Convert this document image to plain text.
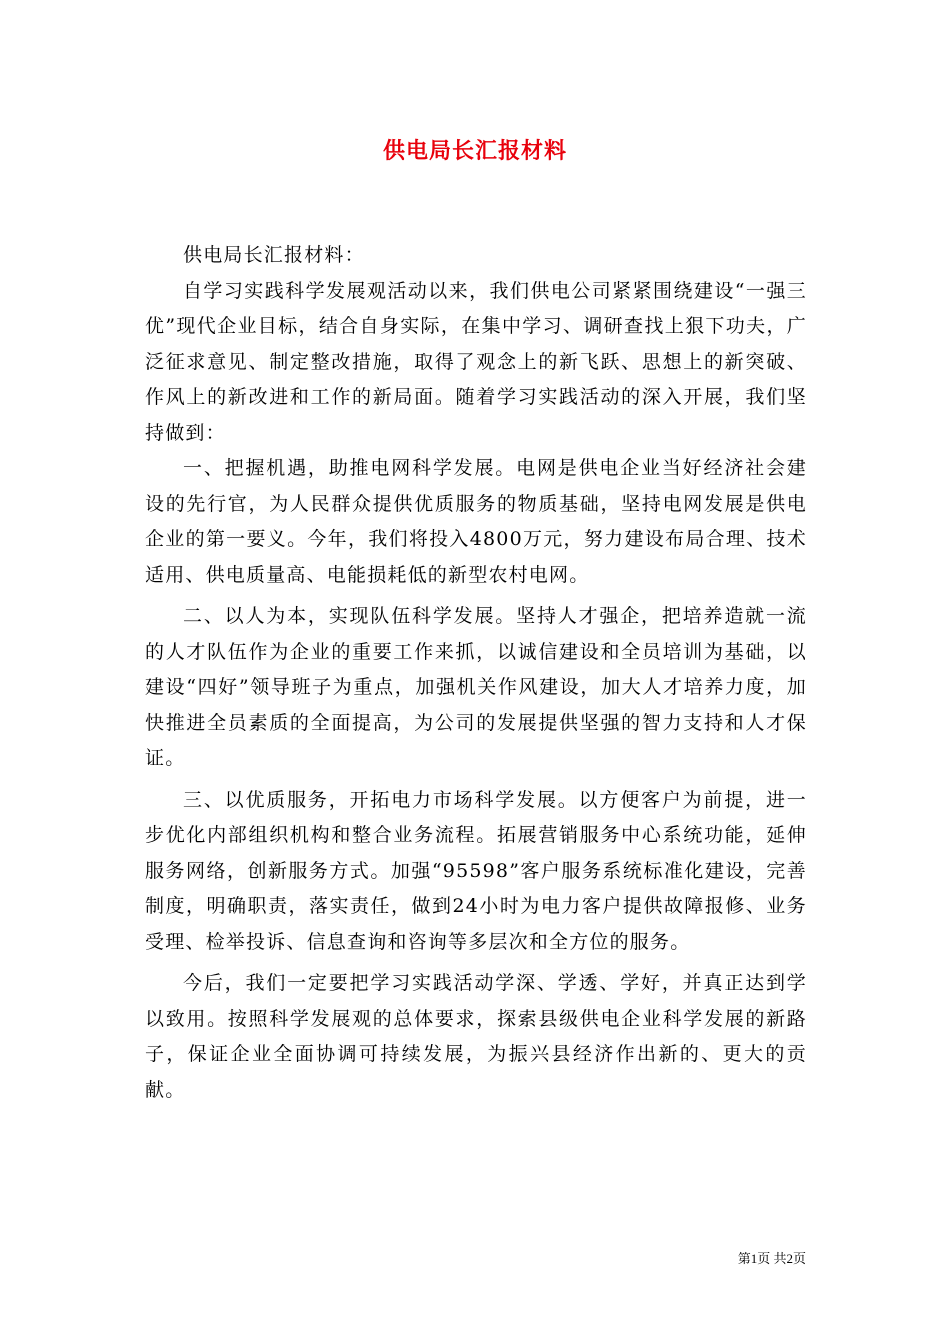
供电局长汇报材料

供电局长汇报材料：

自学习实践科学发展观活动以来，我们供电公司紧紧围绕建设“一强三优”现代企业目标，结合自身实际，在集中学习、调研查找上狠下功夫，广泛征求意见、制定整改措施，取得了观念上的新飞跃、思想上的新突破、作风上的新改进和工作的新局面。随着学习实践活动的深入开展，我们坚持做到：

一、把握机遇，助推电网科学发展。电网是供电企业当好经济社会建设的先行官，为人民群众提供优质服务的物质基础，坚持电网发展是供电企业的第一要义。今年，我们将投入4800万元，努力建设布局合理、技术适用、供电质量高、电能损耗低的新型农村电网。

二、以人为本，实现队伍科学发展。坚持人才强企，把培养造就一流的人才队伍作为企业的重要工作来抓，以诚信建设和全员培训为基础，以建设“四好”领导班子为重点，加强机关作风建设，加大人才培养力度，加快推进全员素质的全面提高，为公司的发展提供坚强的智力支持和人才保证。

三、以优质服务，开拓电力市场科学发展。以方便客户为前提，进一步优化内部组织机构和整合业务流程。拓展营销服务中心系统功能，延伸服务网络，创新服务方式。加强“95598”客户服务系统标准化建设，完善制度，明确职责，落实责任，做到24小时为电力客户提供故障报修、业务受理、检举投诉、信息查询和咨询等多层次和全方位的服务。

今后，我们一定要把学习实践活动学深、学透、学好，并真正达到学以致用。按照科学发展观的总体要求，探索县级供电企业科学发展的新路子，保证企业全面协调可持续发展，为振兴县经济作出新的、更大的贡献。

第1页 共2页
